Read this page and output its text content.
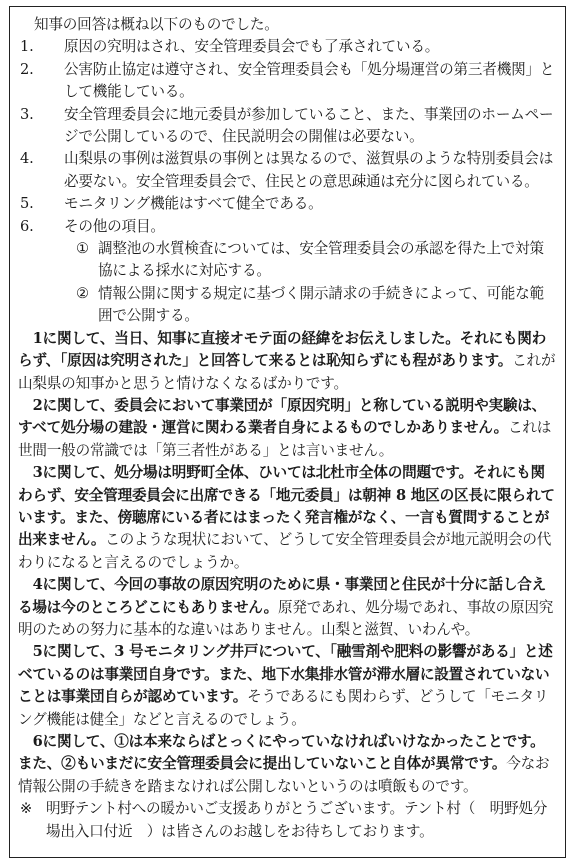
知事の回答は概ね以下のものでした。
1. 原因の究明はされ、安全管理委員会でも了承されている。
2. 公害防止協定は遵守され、安全管理委員会も「処分場運営の第三者機関」として機能している。
3. 安全管理委員会に地元委員が参加していること、また、事業団のホームページで公開しているので、住民説明会の開催は必要ない。
4. 山梨県の事例は滋賀県の事例とは異なるので、滋賀県のような特別委員会は必要ない。安全管理委員会で、住民との意思疎通は充分に図られている。
5. モニタリング機能はすべて健全である。
6. その他の項目。
① 調整池の水質検査については、安全管理委員会の承認を得た上で対策協による採水に対応する。
② 情報公開に関する規定に基づく開示請求の手続きによって、可能な範囲で公開する。
1に関して、当日、知事に直接オモテ面の経緯をお伝えしました。それにも関わらず、「原因は究明された」と回答して来るとは恥知らずにも程があります。これが山梨県の知事かと思うと情けなくなるばかりです。
2に関して、委員会において事業団が「原因究明」と称している説明や実験は、すべて処分場の建設・運営に関わる業者自身によるものでしかありません。これは世間一般の常識では「第三者性がある」とは言いません。
3に関して、処分場は明野町全体、ひいては北杜市全体の問題です。それにも関わらず、安全管理委員会に出席できる「地元委員」は朝神 8 地区の区長に限られています。また、傍聴席にいる者にはまったく発言権がなく、一言も質問することが出来ません。このような現状において、どうして安全管理委員会が地元説明会の代わりになると言えるのでしょうか。
4に関して、今回の事故の原因究明のために県・事業団と住民が十分に話し合える場は今のところどこにもありません。原発であれ、処分場であれ、事故の原因究明のための努力に基本的な違いはありません。山梨と滋賀、いわんや。
5に関して、3 号モニタリング井戸について、「融雪剤や肥料の影響がある」と述べているのは事業団自身です。また、地下水集排水管が滞水層に設置されていないことは事業団自らが認めています。そうであるにも関わらず、どうして「モニタリング機能は健全」などと言えるのでしょう。
6に関して、①は本来ならばとっくにやっていなければいけなかったことです。また、②もいまだに安全管理委員会に提出していないこと自体が異常です。今なお情報公開の手続きを踏まなければ公開しないというのは噴飯ものです。
※ 明野テント村への暖かいご支援ありがとうございます。テント村（　明野処分場出入口付近　）は皆さんのお越しをお待ちしております。
